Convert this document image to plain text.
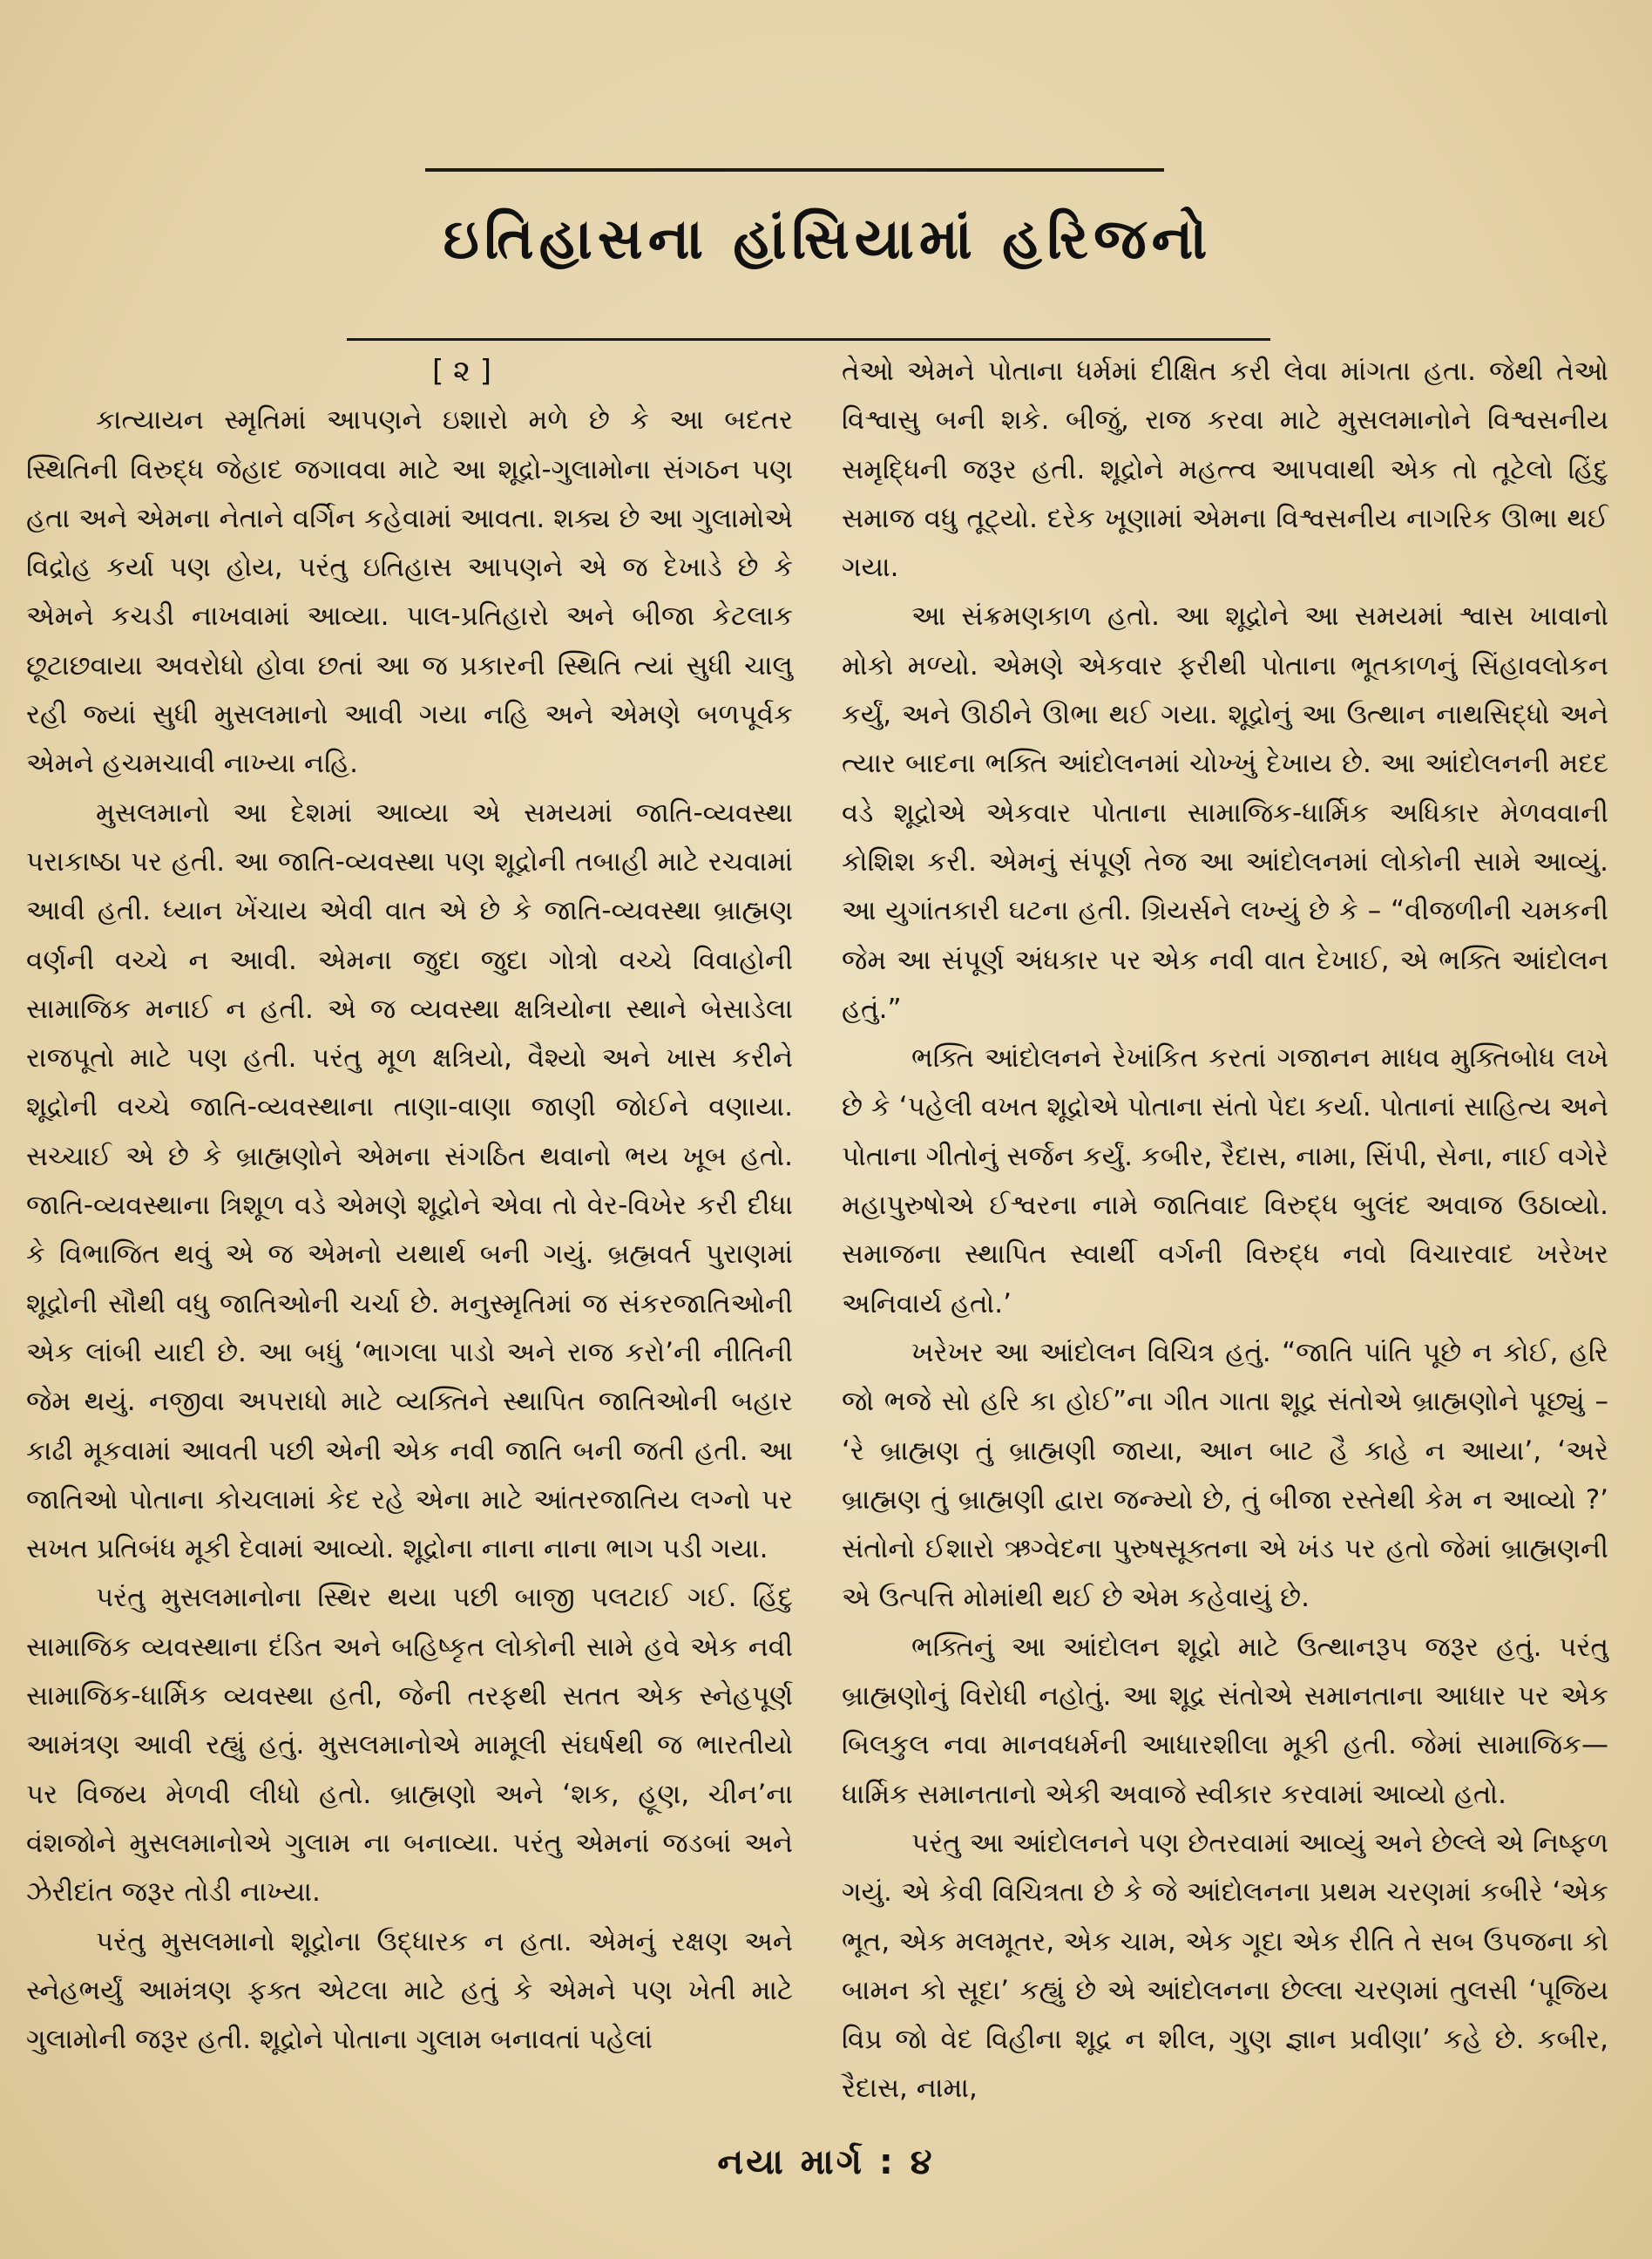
ઇતિહાસના હાંસિયામાં હરિજનો
[ ૨ ]

કાત્યાયન સ્મૃતિમાં આપણને ઇશારો મળે છે કે આ બદતર સ્થિતિની વિરુદ્ધ જેહાદ જગાવવા માટે આ શૂદ્રો-ગુલામોના સંગઠન પણ હતા અને એમના નેતાને વર્ગિન કહેવામાં આવતા. શક્ય છે આ ગુલામોએ વિદ્રોહ કર્યા પણ હોય, પરંતુ ઇતિહાસ આપણને એ જ દેખાડે છે કે એમને કચડી નાખવામાં આવ્યા. પાલ-પ્રતિહારો અને બીજા કેટલાક છૂટાછવાયા અવરોધો હોવા છતાં આ જ પ્રકારની સ્થિતિ ત્યાં સુધી ચાલુ રહી જ્યાં સુધી મુસલમાનો આવી ગયા નહિ અને એમણે બળપૂર્વક એમને હચમચાવી નાખ્યા નહિ.

મુસલમાનો આ દેશમાં આવ્યા એ સમયમાં જાતિ-વ્યવસ્થા પરાકાષ્ઠા પર હતી. આ જાતિ-વ્યવસ્થા પણ શૂદ્રોની તબાહી માટે રચવામાં આવી હતી. ધ્યાન ખેંચાય એવી વાત એ છે કે જાતિ-વ્યવસ્થા બ્રાહ્મણ વર્ણની વચ્ચે ન આવી. એમના જુદા જુદા ગોત્રો વચ્ચે વિવાહોની સામાજિક મનાઈ ન હતી. એ જ વ્યવસ્થા ક્ષત્રિયોના સ્થાને બેસાડેલા રાજપૂતો માટે પણ હતી. પરંતુ મૂળ ક્ષત્રિયો, વૈશ્યો અને ખાસ કરીને શૂદ્રોની વચ્ચે જાતિ-વ્યવસ્થાના તાણા-વાણા જાણી જોઈને વણાયા. સચ્ચાઈ એ છે કે બ્રાહ્મણોને એમના સંગઠિત થવાનો ભય ખૂબ હતો. જાતિ-વ્યવસ્થાના ત્રિશૂળ વડે એમણે શૂદ્રોને એવા તો વેર-વિખેર કરી દીધા કે વિભાજિત થવું એ જ એમનો યથાર્થ બની ગયું. બ્રહ્મવર્ત પુરાણમાં શૂદ્રોની સૌથી વધુ જાતિઓની ચર્ચા છે. મનુસ્મૃતિમાં જ સંકરજાતિઓની એક લાંબી યાદી છે. આ બધું ‘ભાગલા પાડો અને રાજ કરો’ની નીતિની જેમ થયું. નજીવા અપરાધો માટે વ્યક્તિને સ્થાપિત જાતિઓની બહાર કાઢી મૂકવામાં આવતી પછી એની એક નવી જાતિ બની જતી હતી. આ જાતિઓ પોતાના કોચલામાં કેદ રહે એના માટે આંતરજાતિય લગ્નો પર સખત પ્રતિબંધ મૂકી દેવામાં આવ્યો. શૂદ્રોના નાના નાના ભાગ પડી ગયા.

પરંતુ મુસલમાનોના સ્થિર થયા પછી બાજી પલટાઈ ગઈ. હિંદુ સામાજિક વ્યવસ્થાના દંડિત અને બહિષ્કૃત લોકોની સામે હવે એક નવી સામાજિક-ધાર્મિક વ્યવસ્થા હતી, જેની તરફથી સતત એક સ્નેહપૂર્ણ આમંત્રણ આવી રહ્યું હતું. મુસલમાનોએ મામૂલી સંઘર્ષથી જ ભારતીયો પર વિજય મેળવી લીધો હતો. બ્રાહ્મણો અને ‘શક, હૂણ, ચીન’ના વંશજોને મુસલમાનોએ ગુલામ ના બનાવ્યા. પરંતુ એમનાં જડબાં અને ઝેરીદાંત જરૂર તોડી નાખ્યા.

પરંતુ મુસલમાનો શૂદ્રોના ઉદ્ધારક ન હતા. એમનું રક્ષણ અને સ્નેહભર્યું આમંત્રણ ફક્ત એટલા માટે હતું કે એમને પણ ખેતી માટે ગુલામોની જરૂર હતી. શૂદ્રોને પોતાના ગુલામ બનાવતાં પહેલાં

તેઓ એમને પોતાના ધર્મમાં દીક્ષિત કરી લેવા માંગતા હતા. જેથી તેઓ વિશ્વાસુ બની શકે. બીજું, રાજ કરવા માટે મુસલમાનોને વિશ્વસનીય સમૃદ્ધિની જરૂર હતી. શૂદ્રોને મહત્ત્વ આપવાથી એક તો તૂટેલો હિંદુ સમાજ વધુ તૂટ્યો. દરેક ખૂણામાં એમના વિશ્વસનીય નાગરિક ઊભા થઈ ગયા.

આ સંક્રમણકાળ હતો. આ શૂદ્રોને આ સમયમાં શ્વાસ ખાવાનો મોકો મળ્યો. એમણે એકવાર ફરીથી પોતાના ભૂતકાળનું સિંહાવલોકન કર્યું, અને ઊઠીને ઊભા થઈ ગયા. શૂદ્રોનું આ ઉત્થાન નાથસિદ્ધો અને ત્યાર બાદના ભક્તિ આંદોલનમાં ચોખ્ખું દેખાય છે. આ આંદોલનની મદદ વડે શૂદ્રોએ એકવાર પોતાના સામાજિક-ધાર્મિક અધિકાર મેળવવાની કોશિશ કરી. એમનું સંપૂર્ણ તેજ આ આંદોલનમાં લોકોની સામે આવ્યું. આ યુગાંતકારી ઘટના હતી. ગ્રિયર્સને લખ્યું છે કે – “વીજળીની ચમકની જેમ આ સંપૂર્ણ અંધકાર પર એક નવી વાત દેખાઈ, એ ભક્તિ આંદોલન હતું.”

ભક્તિ આંદોલનને રેખાંકિત કરતાં ગજાનન માધવ મુક્તિબોધ લખે છે કે ‘પહેલી વખત શૂદ્રોએ પોતાના સંતો પેદા કર્યા. પોતાનાં સાહિત્ય અને પોતાના ગીતોનું સર્જન કર્યું. કબીર, રૈદાસ, નામા, સિંપી, સેના, નાઈ વગેરે મહાપુરુષોએ ઈશ્વરના નામે જાતિવાદ વિરુદ્ધ બુલંદ અવાજ ઉઠાવ્યો. સમાજના સ્થાપિત સ્વાર્થી વર્ગની વિરુદ્ધ નવો વિચારવાદ ખરેખર અનિવાર્ય હતો.’

ખરેખર આ આંદોલન વિચિત્ર હતું. “જાતિ પાંતિ પૂછે ન કોઈ, હરિ જો ભજે સો હરિ કા હોઈ”ના ગીત ગાતા શૂદ્ર સંતોએ બ્રાહ્મણોને પૂછ્યું – ‘રે બ્રાહ્મણ તું બ્રાહ્મણી જાયા, આન બાટ હૈ કાહે ન આયા’, ‘અરે બ્રાહ્મણ તું બ્રાહ્મણી દ્વારા જન્મ્યો છે, તું બીજા રસ્તેથી કેમ ન આવ્યો ?’ સંતોનો ઈશારો ઋગ્વેદના પુરુષસૂક્તના એ ખંડ પર હતો જેમાં બ્રાહ્મણની એ ઉત્પત્તિ મોમાંથી થઈ છે એમ કહેવાયું છે.

ભક્તિનું આ આંદોલન શૂદ્રો માટે ઉત્થાનરૂપ જરૂર હતું. પરંતુ બ્રાહ્મણોનું વિરોધી નહોતું. આ શૂદ્ર સંતોએ સમાનતાના આધાર પર એક બિલકુલ નવા માનવધર્મની આધારશીલા મૂકી હતી. જેમાં સામાજિક—ધાર્મિક સમાનતાનો એકી અવાજે સ્વીકાર કરવામાં આવ્યો હતો.

પરંતુ આ આંદોલનને પણ છેતરવામાં આવ્યું અને છેલ્લે એ નિષ્ફળ ગયું. એ કેવી વિચિત્રતા છે કે જે આંદોલનના પ્રથમ ચરણમાં કબીરે ‘એક ભૂત, એક મલમૂતર, એક ચામ, એક ગૂદા એક રીતિ તે સબ ઉપજના કો બામન કો સૂદા’ કહ્યું છે એ આંદોલનના છેલ્લા ચરણમાં તુલસી ‘પૂજિય વિપ્ર જો વેદ વિહીના શૂદ્ર ન શીલ, ગુણ જ્ઞાન પ્રવીણા’ કહે છે. કબીર, રૈદાસ, નામા,

નયા માર્ગ : ૪
